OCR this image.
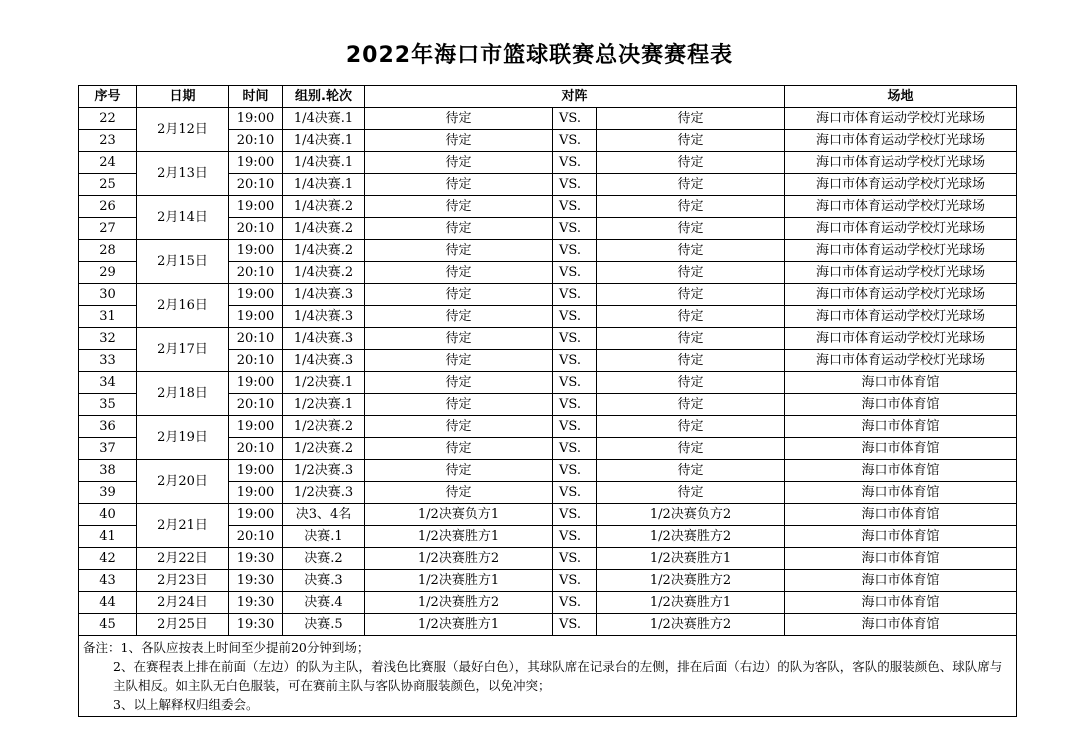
2022年海口市篮球联赛总决赛赛程表
序号	日期	时间	组别.轮次	对阵			场地
22	2月12日	19:00	1/4决赛.1	待定	VS.	待定	海口市体育运动学校灯光球场
23		20:10	1/4决赛.1	待定	VS.	待定	海口市体育运动学校灯光球场
24	2月13日	19:00	1/4决赛.1	待定	VS.	待定	海口市体育运动学校灯光球场
25		20:10	1/4决赛.1	待定	VS.	待定	海口市体育运动学校灯光球场
26	2月14日	19:00	1/4决赛.2	待定	VS.	待定	海口市体育运动学校灯光球场
27		20:10	1/4决赛.2	待定	VS.	待定	海口市体育运动学校灯光球场
28	2月15日	19:00	1/4决赛.2	待定	VS.	待定	海口市体育运动学校灯光球场
29		20:10	1/4决赛.2	待定	VS.	待定	海口市体育运动学校灯光球场
30	2月16日	19:00	1/4决赛.3	待定	VS.	待定	海口市体育运动学校灯光球场
31		19:00	1/4决赛.3	待定	VS.	待定	海口市体育运动学校灯光球场
32	2月17日	20:10	1/4决赛.3	待定	VS.	待定	海口市体育运动学校灯光球场
33		20:10	1/4决赛.3	待定	VS.	待定	海口市体育运动学校灯光球场
34	2月18日	19:00	1/2决赛.1	待定	VS.	待定	海口市体育馆
35		20:10	1/2决赛.1	待定	VS.	待定	海口市体育馆
36	2月19日	19:00	1/2决赛.2	待定	VS.	待定	海口市体育馆
37		20:10	1/2决赛.2	待定	VS.	待定	海口市体育馆
38	2月20日	19:00	1/2决赛.3	待定	VS.	待定	海口市体育馆
39		19:00	1/2决赛.3	待定	VS.	待定	海口市体育馆
40	2月21日	19:00	决3、4名	1/2决赛负方1	VS.	1/2决赛负方2	海口市体育馆
41		20:10	决赛.1	1/2决赛胜方1	VS.	1/2决赛胜方2	海口市体育馆
42	2月22日	19:30	决赛.2	1/2决赛胜方2	VS.	1/2决赛胜方1	海口市体育馆
43	2月23日	19:30	决赛.3	1/2决赛胜方1	VS.	1/2决赛胜方2	海口市体育馆
44	2月24日	19:30	决赛.4	1/2决赛胜方2	VS.	1/2决赛胜方1	海口市体育馆
45	2月25日	19:30	决赛.5	1/2决赛胜方1	VS.	1/2决赛胜方2	海口市体育馆

备注：1、各队应按表上时间至少提前20分钟到场；
2、在赛程表上排在前面（左边）的队为主队，着浅色比赛服（最好白色），其球队席在记录台的左侧，排在后面（右边）的队为客队，客队的服装颜色、球队席与主队相反。如主队无白色服装，可在赛前主队与客队协商服装颜色，以免冲突；
3、以上解释权归组委会。							
